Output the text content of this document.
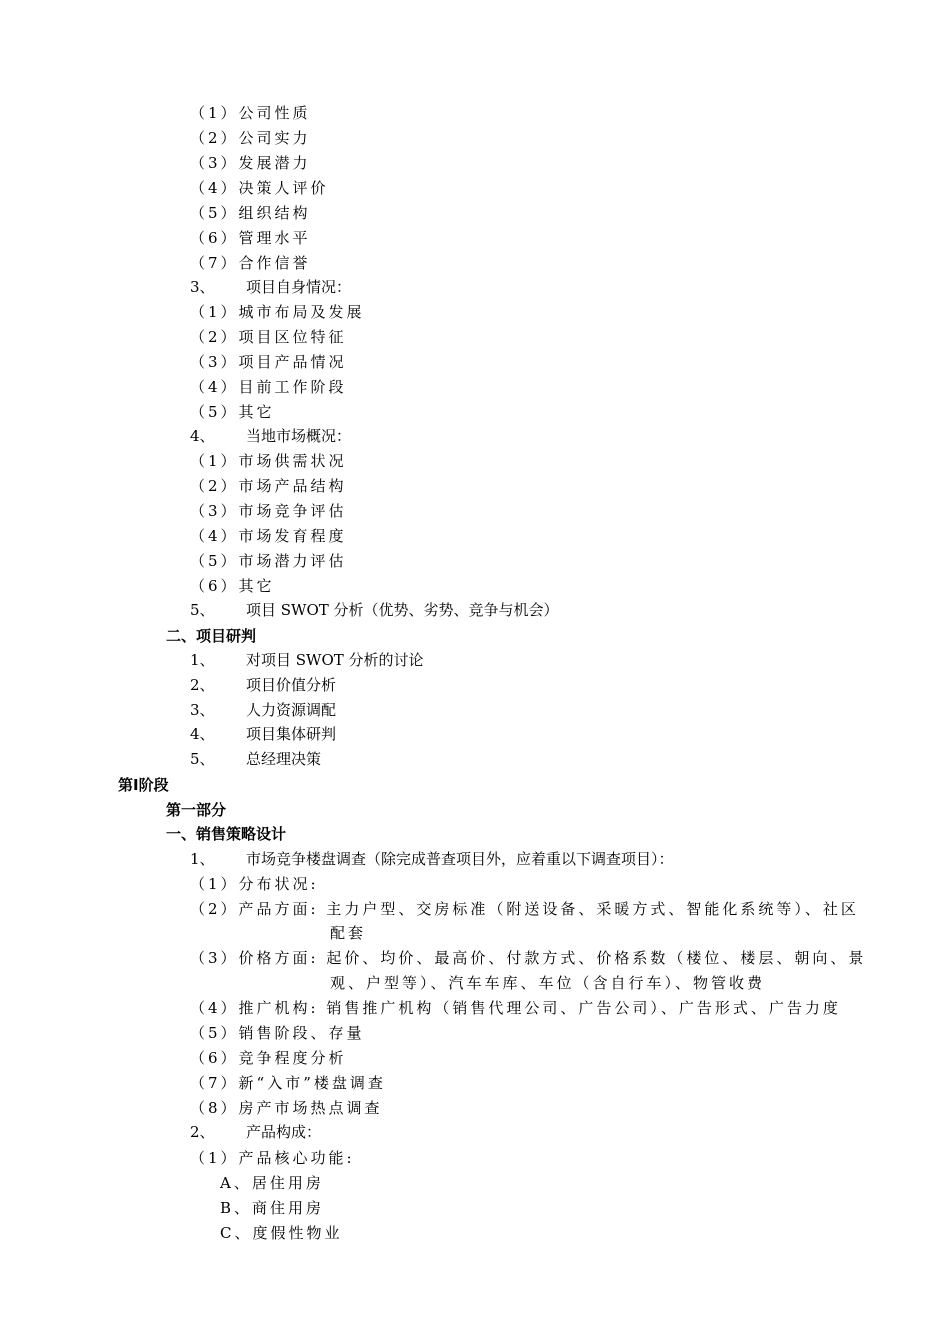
（1）公司性质
（2）公司实力
（3）发展潜力
（4）决策人评价
（5）组织结构
（6）管理水平
（7）合作信誉
3、 项目自身情况：
（1）城市布局及发展
（2）项目区位特征
（3）项目产品情况
（4）目前工作阶段
（5）其它
4、 当地市场概况：
（1）市场供需状况
（2）市场产品结构
（3）市场竞争评估
（4）市场发育程度
（5）市场潜力评估
（6）其它
5、 项目 SWOT 分析（优势、劣势、竞争与机会）
二、项目研判
1、 对项目 SWOT 分析的讨论
2、 项目价值分析
3、 人力资源调配
4、 项目集体研判
5、 总经理决策
第Ⅰ阶段
第一部分
一、销售策略设计
1、 市场竞争楼盘调查（除完成普查项目外，应着重以下调查项目）：
（1）分布状况:
（2）产品方面: 主力户型、交房标准（附送设备、采暖方式、智能化系统等）、社区
配套
（3）价格方面: 起价、均价、最高价、付款方式、价格系数（楼位、楼层、朝向、景
观、户型等）、汽车车库、车位（含自行车）、物管收费
（4）推广机构: 销售推广机构（销售代理公司、广告公司）、广告形式、广告力度
（5）销售阶段、存量
（6）竞争程度分析
（7）新“入市”楼盘调查
（8）房产市场热点调查
2、 产品构成：
（1）产品核心功能:
A、居住用房
B、商住用房
C、度假性物业
